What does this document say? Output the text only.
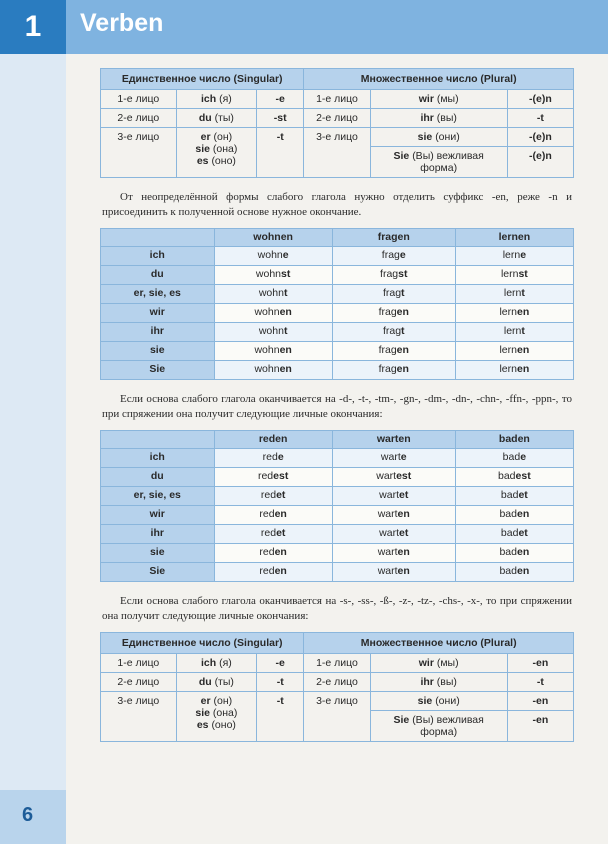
1
6
Verben
Единственное число (Singular)			Множественное число (Plural)		
1-е лицо	ich (я)	-e	1-е лицо	wir (мы)	-(e)n
2-е лицо	du (ты)	-st	2-е лицо	ihr (вы)	-t
3-е лицо	er (он)
sie (она)
es (оно)	-t	3-е лицо	sie (они)	-(e)n
				Sie (Вы) вежливая форма)	-(e)n

От неопределённой формы слабого глагола нужно отделить суффикс -en, реже -n и присоединить к полученной основе нужное окончание.

	wohnen	fragen	lernen
ich	wohne	frage	lerne
du	wohnst	fragst	lernst
er, sie, es	wohnt	fragt	lernt
wir	wohnen	fragen	lernen
ihr	wohnt	fragt	lernt
sie	wohnen	fragen	lernen
Sie	wohnen	fragen	lernen

Если основа слабого глагола оканчивается на -d-, -t-, -tm-, -gn-, -dm-, -dn-, -chn-, -ffn-, -ppn-, то при спряжении она получит следующие личные окончания:

	reden	warten	baden
ich	rede	warte	bade
du	redest	wartest	badest
er, sie, es	redet	wartet	badet
wir	reden	warten	baden
ihr	redet	wartet	badet
sie	reden	warten	baden
Sie	reden	warten	baden

Если основа слабого глагола оканчивается на -s-, -ss-, -ß-, -z-, -tz-, -chs-, -x-, то при спряжении она получит следующие личные окончания:

Единственное число (Singular)			Множественное число (Plural)		
1-е лицо	ich (я)	-e	1-е лицо	wir (мы)	-en
2-е лицо	du (ты)	-t	2-е лицо	ihr (вы)	-t
3-е лицо	er (он)
sie (она)
es (оно)	-t	3-е лицо	sie (они)	-en
				Sie (Вы) вежливая форма)	-en
